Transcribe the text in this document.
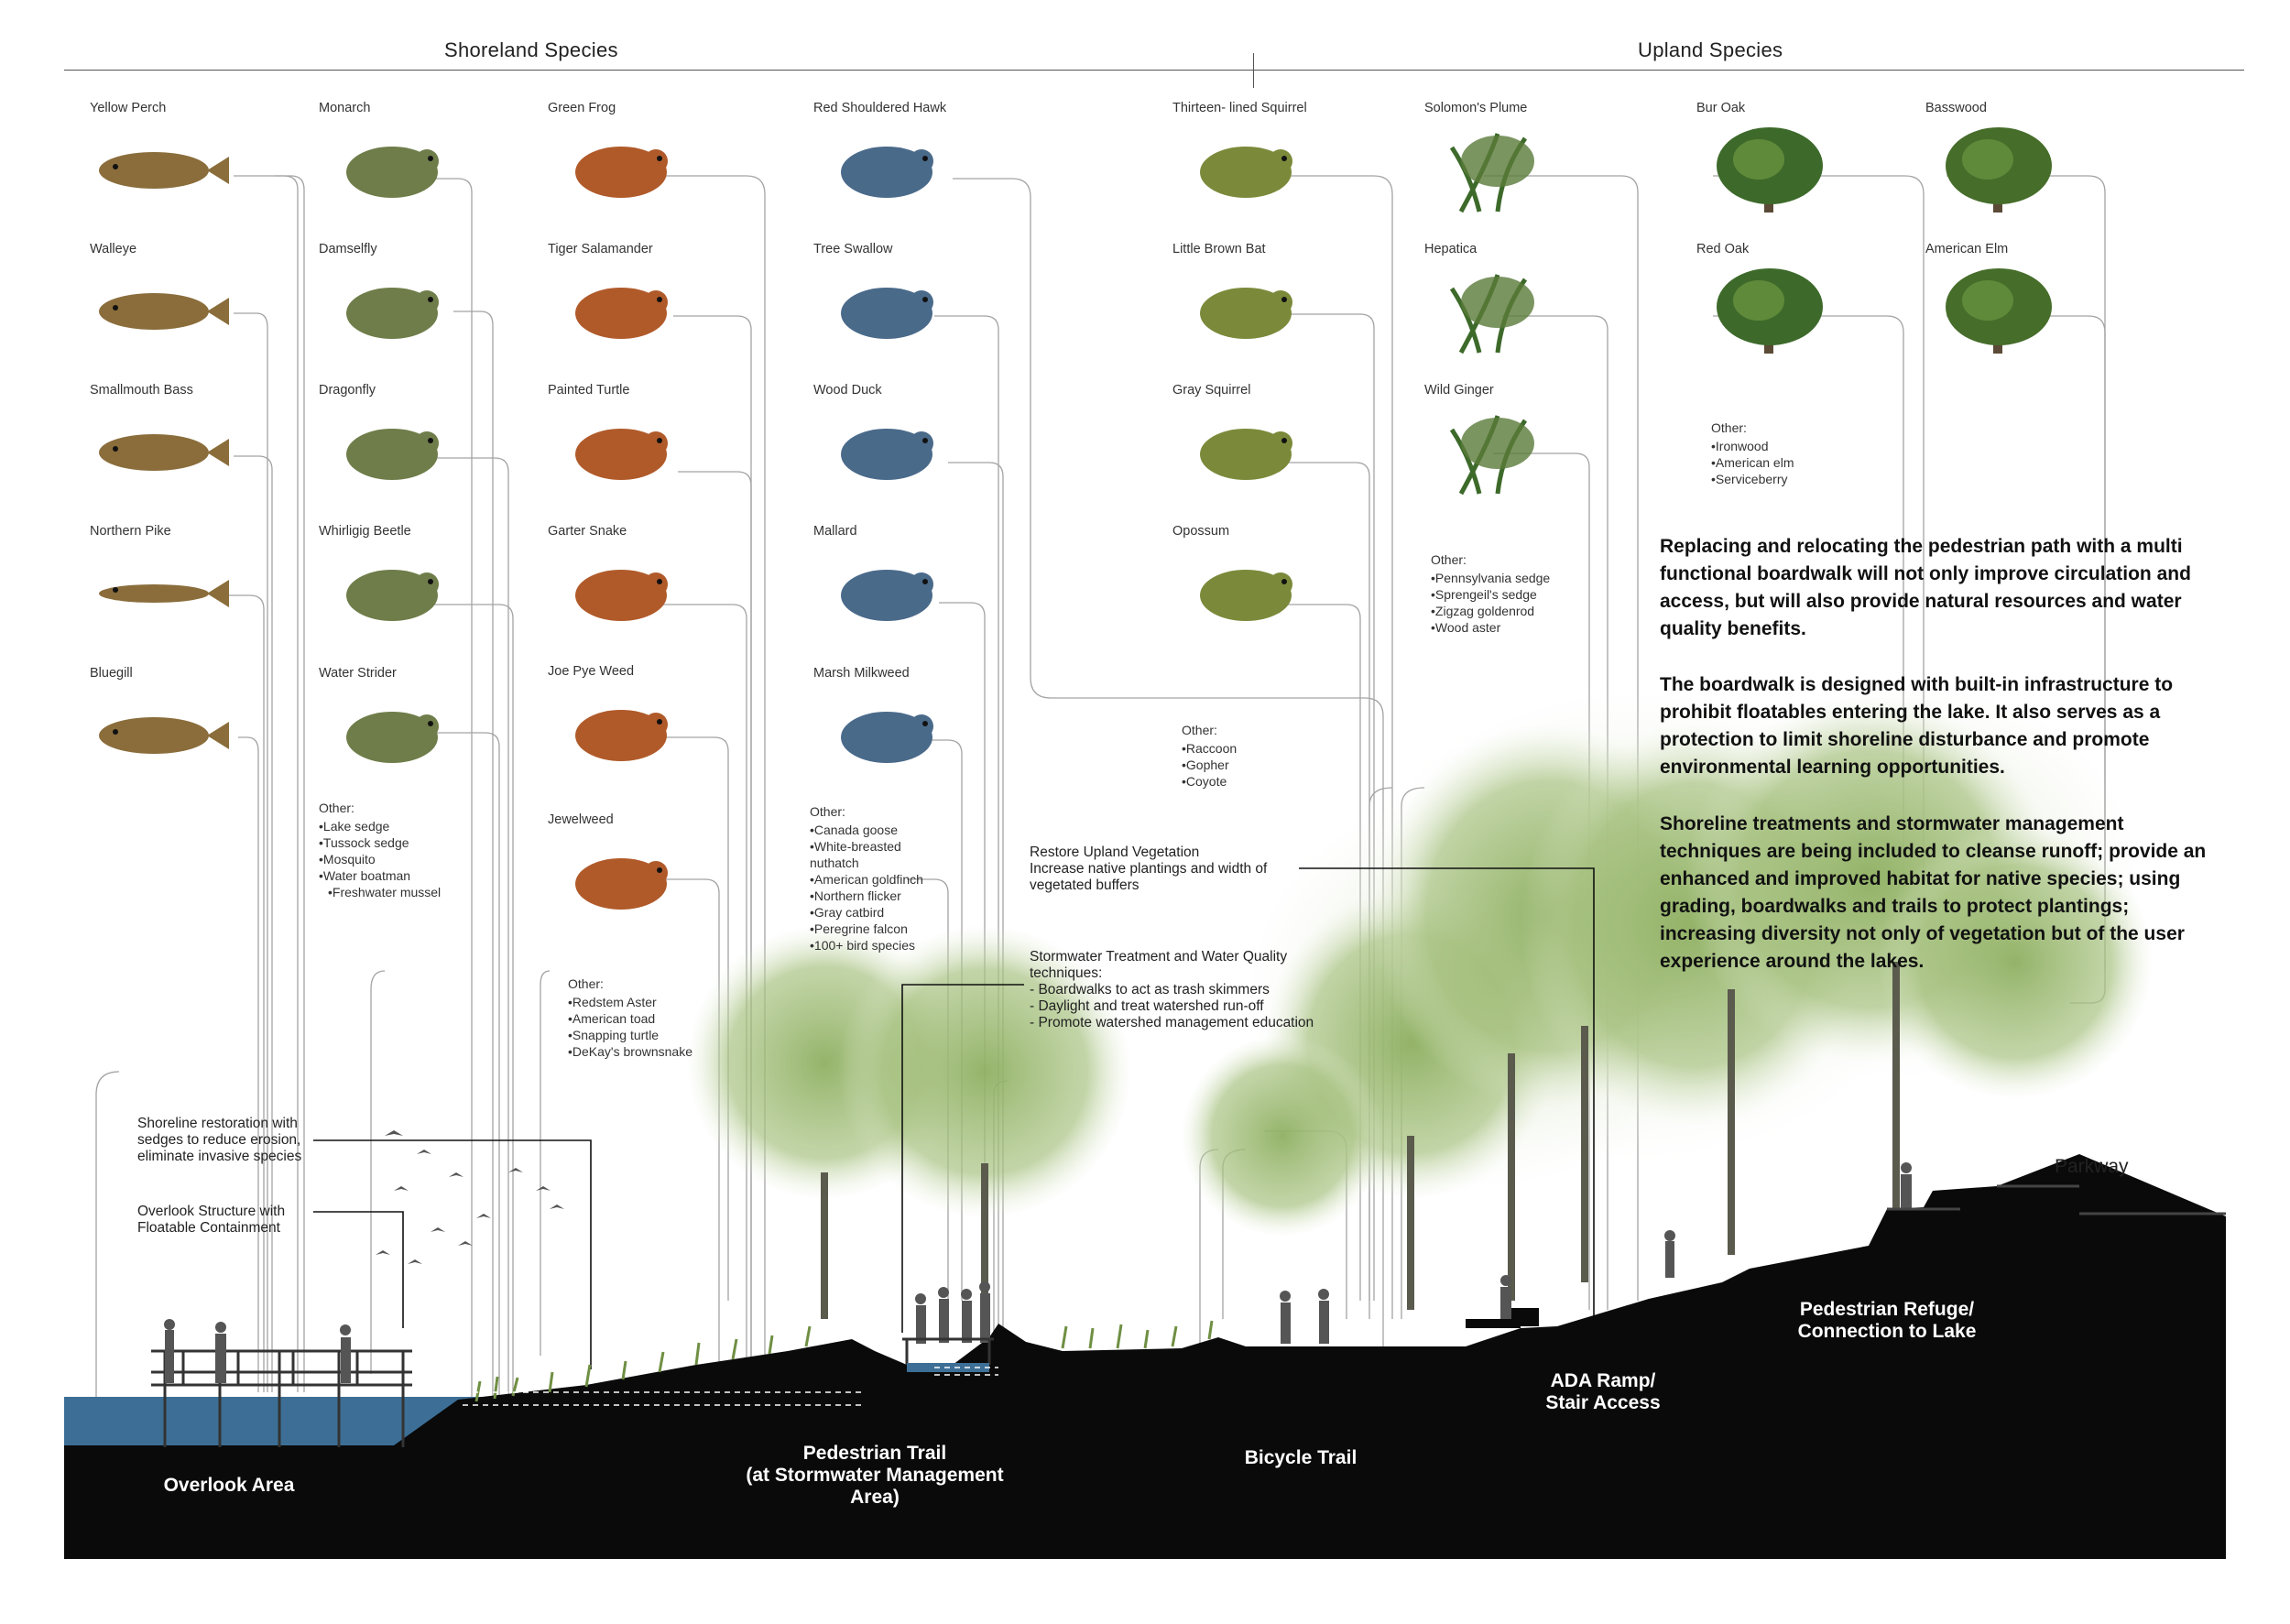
Shoreland Species	Upland Species
Yellow Perch
Walleye
Smallmouth Bass
Northern Pike
Bluegill
Monarch
Damselfly
Dragonfly
Whirligig Beetle
Water Strider
Green Frog
Tiger Salamander
Painted Turtle
Garter Snake
Joe Pye Weed
Jewelweed
Red Shouldered Hawk
Tree Swallow
Wood Duck
Mallard
Marsh Milkweed
Thirteen- lined Squirrel
Little Brown Bat
Gray Squirrel
Opossum
Solomon's Plume
Hepatica
Wild Ginger
Bur Oak
Red Oak
Basswood
American Elm
Other:
• Lake sedge
• Tussock sedge
• Mosquito
• Water boatman
• Freshwater mussel
Other:
• Redstem Aster
• American toad
• Snapping turtle
• DeKay's brownsnake
Other:
• Canada goose
• White-breasted nuthatch
• American goldfinch
• Northern flicker
• Gray catbird
• Peregrine falcon
• 100+ bird species
Other:
• Raccoon
• Gopher
• Coyote
Other:
• Pennsylvania sedge
• Sprengeil's sedge
• Zigzag goldenrod
• Wood aster
Other:
• Ironwood
• American elm
• Serviceberry
Restore Upland Vegetation
Increase native plantings and width of
vegetated buffers
Stormwater Treatment and Water Quality
techniques:
- Boardwalks to act as trash skimmers
- Daylight and treat watershed run-off
- Promote watershed management education
Shoreline restoration with
sedges to reduce erosion,
eliminate invasive species
Overlook Structure with
Floatable Containment
Replacing and relocating the pedestrian path with a multi functional boardwalk will not only improve circulation and access, but will also provide natural resources and water quality benefits.
The boardwalk is designed with built-in infrastructure to prohibit floatables entering the lake. It also serves as a protection to limit shoreline disturbance and promote environmental learning opportunities.
Shoreline treatments and stormwater management techniques are being included to cleanse runoff; provide an enhanced and improved habitat for native species; using grading, boardwalks and trails to protect plantings; increasing diversity not only of vegetation but of the user experience around the lakes.
Overlook Area
Pedestrian Trail
(at Stormwater Management
Area)
Bicycle Trail
ADA Ramp/
Stair Access
Pedestrian Refuge/
Connection to Lake
Parkway
